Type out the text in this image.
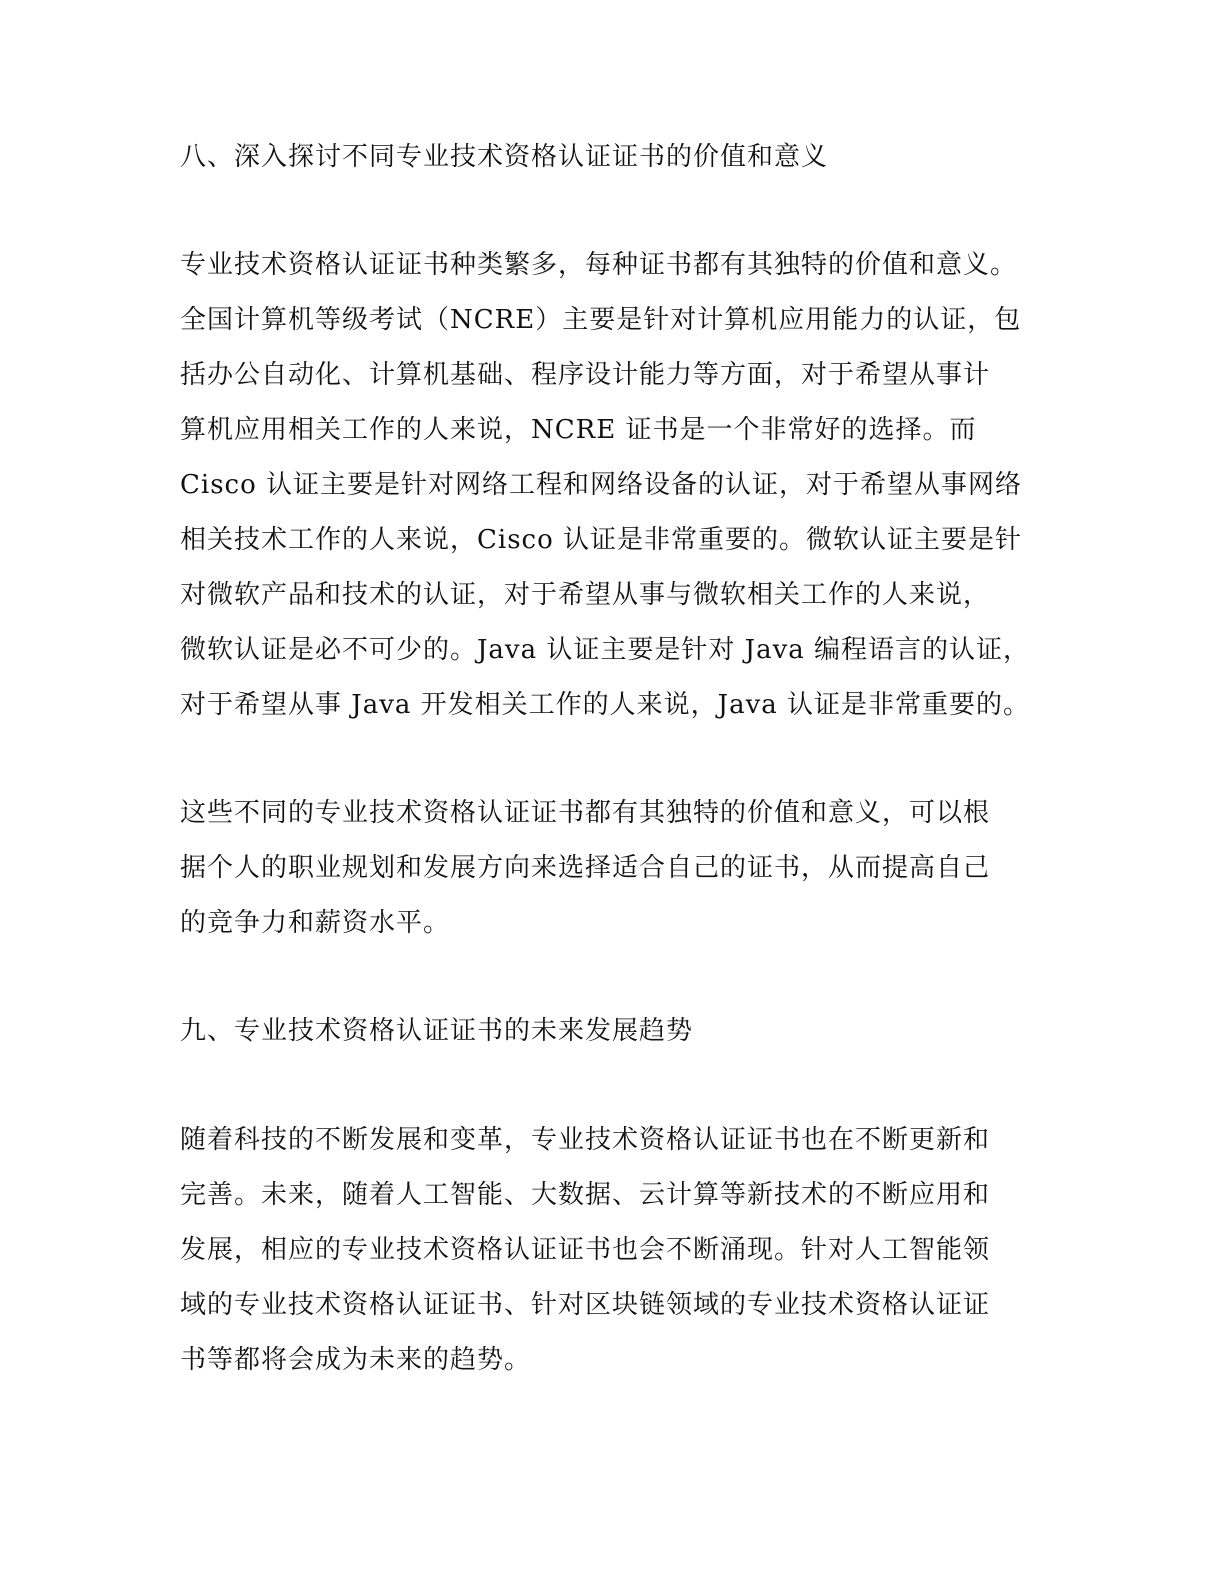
八、深入探讨不同专业技术资格认证证书的价值和意义
专业技术资格认证证书种类繁多，每种证书都有其独特的价值和意义。
全国计算机等级考试（NCRE）主要是针对计算机应用能力的认证，包
括办公自动化、计算机基础、程序设计能力等方面，对于希望从事计
算机应用相关工作的人来说，NCRE 证书是一个非常好的选择。而
Cisco 认证主要是针对网络工程和网络设备的认证，对于希望从事网络
相关技术工作的人来说，Cisco 认证是非常重要的。微软认证主要是针
对微软产品和技术的认证，对于希望从事与微软相关工作的人来说，
微软认证是必不可少的。Java 认证主要是针对 Java 编程语言的认证，
对于希望从事 Java 开发相关工作的人来说，Java 认证是非常重要的。
这些不同的专业技术资格认证证书都有其独特的价值和意义，可以根
据个人的职业规划和发展方向来选择适合自己的证书，从而提高自己
的竞争力和薪资水平。
九、专业技术资格认证证书的未来发展趋势
随着科技的不断发展和变革，专业技术资格认证证书也在不断更新和
完善。未来，随着人工智能、大数据、云计算等新技术的不断应用和
发展，相应的专业技术资格认证证书也会不断涌现。针对人工智能领
域的专业技术资格认证证书、针对区块链领域的专业技术资格认证证
书等都将会成为未来的趋势。
